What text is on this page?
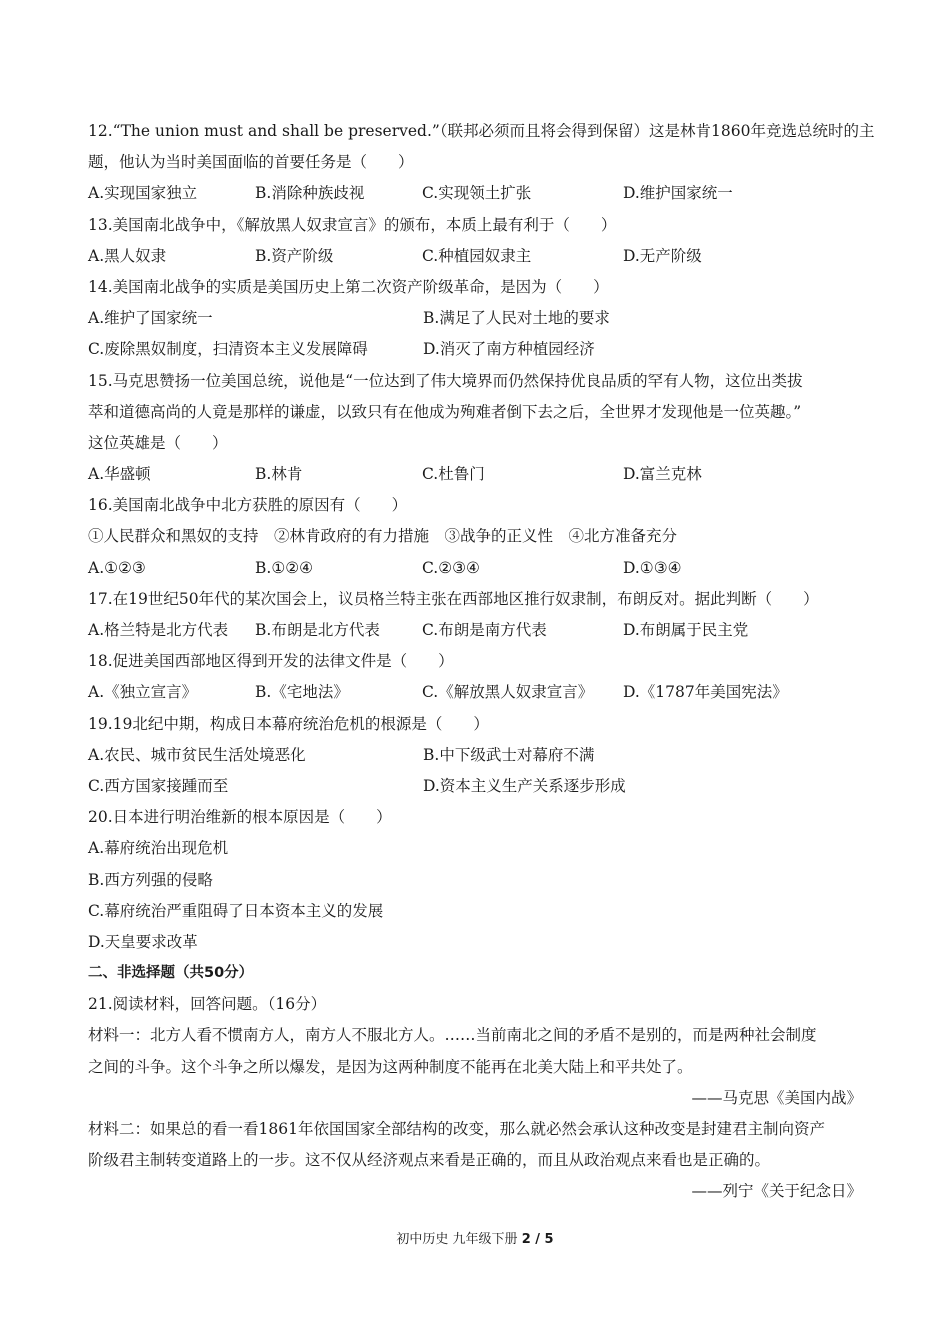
12.“The union must and shall be preserved.”（联邦必须而且将会得到保留）这是林肯1860年竞选总统时的主
题，他认为当时美国面临的首要任务是（　　）
A.实现国家独立	B.消除种族歧视	C.实现领土扩张	D.维护国家统一
13.美国南北战争中，《解放黑人奴隶宣言》的颁布，本质上最有利于（　　）
A.黑人奴隶	B.资产阶级	C.种植园奴隶主	D.无产阶级
14.美国南北战争的实质是美国历史上第二次资产阶级革命，是因为（　　）
A.维护了国家统一	B.满足了人民对土地的要求
C.废除黑奴制度，扫清资本主义发展障碍	D.消灭了南方种植园经济
15.马克思赞扬一位美国总统，说他是“一位达到了伟大境界而仍然保持优良品质的罕有人物，这位出类拔
萃和道德高尚的人竟是那样的谦虚，以致只有在他成为殉难者倒下去之后，全世界才发现他是一位英趣。”
这位英雄是（　　）
A.华盛顿	B.林肯	C.杜鲁门	D.富兰克林
16.美国南北战争中北方获胜的原因有（　　）
①人民群众和黑奴的支持　②林肯政府的有力措施　③战争的正义性　④北方准备充分
A.①②③	B.①②④	C.②③④	D.①③④
17.在19世纪50年代的某次国会上，议员格兰特主张在西部地区推行奴隶制，布朗反对。据此判断（　　）
A.格兰特是北方代表	B.布朗是北方代表	C.布朗是南方代表	D.布朗属于民主党
18.促进美国西部地区得到开发的法律文件是（　　）
A.《独立宣言》	B.《宅地法》	C.《解放黑人奴隶宣言》	D.《1787年美国宪法》
19.19北纪中期，构成日本幕府统治危机的根源是（　　）
A.农民、城市贫民生活处境恶化	B.中下级武士对幕府不满
C.西方国家接踵而至	D.资本主义生产关系逐步形成
20.日本进行明治维新的根本原因是（　　）
A.幕府统治出现危机
B.西方列强的侵略
C.幕府统治严重阻碍了日本资本主义的发展
D.天皇要求改革
二、非选择题（共50分）
21.阅读材料，回答问题。（16分）
材料一：北方人看不惯南方人，南方人不服北方人。……当前南北之间的矛盾不是别的，而是两种社会制度
之间的斗争。这个斗争之所以爆发，是因为这两种制度不能再在北美大陆上和平共处了。
——马克思《美国内战》
材料二：如果总的看一看1861年依国国家全部结构的改变，那么就必然会承认这种改变是封建君主制向资产
阶级君主制转变道路上的一步。这不仅从经济观点来看是正确的，而且从政治观点来看也是正确的。
——列宁《关于纪念日》
初中历史 九年级下册 2 / 5
